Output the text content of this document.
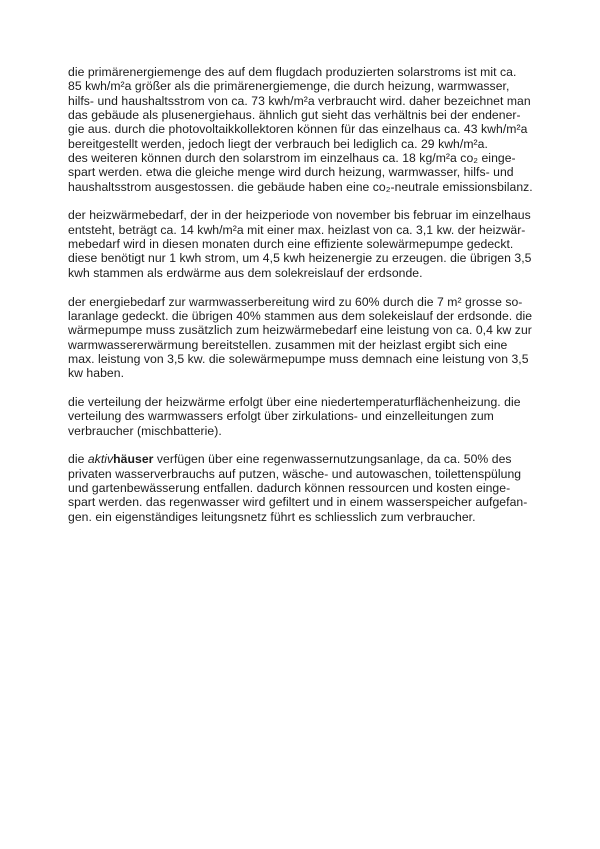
die primärenergiemenge des auf dem flugdach produzierten solarstroms ist mit ca.
85 kwh/m²a größer als die primärenergiemenge, die durch heizung, warmwasser,
hilfs- und haushaltsstrom von ca. 73 kwh/m²a verbraucht wird. daher bezeichnet man
das gebäude als plusenergiehaus. ähnlich gut sieht das verhältnis bei der endener-
gie aus. durch die photovoltaikkollektoren können für das einzelhaus ca. 43 kwh/m²a
bereitgestellt werden, jedoch liegt der verbrauch bei lediglich ca. 29 kwh/m²a.
des weiteren können durch den solarstrom im einzelhaus ca. 18 kg/m²a co₂ einge-
spart werden. etwa die gleiche menge wird durch heizung, warmwasser, hilfs- und
haushaltsstrom ausgestossen. die gebäude haben eine co₂-neutrale emissionsbilanz.

der heizwärmebedarf, der in der heizperiode von november bis februar im einzelhaus
entsteht, beträgt ca. 14 kwh/m²a mit einer max. heizlast von ca. 3,1 kw. der heizwär-
mebedarf wird in diesen monaten durch eine effiziente solewärmepumpe gedeckt.
diese benötigt nur 1 kwh strom, um 4,5 kwh heizenergie zu erzeugen. die übrigen 3,5
kwh stammen als erdwärme aus dem solekreislauf der erdsonde.

der energiebedarf zur warmwasserbereitung wird zu 60% durch die 7 m² grosse so-
laranlage gedeckt. die übrigen 40% stammen aus dem solekeislauf der erdsonde. die
wärmepumpe muss zusätzlich zum heizwärmebedarf eine leistung von ca. 0,4 kw zur
warmwassererwärmung bereitstellen. zusammen mit der heizlast ergibt sich eine
max. leistung von 3,5 kw. die solewärmepumpe muss demnach eine leistung von 3,5
kw haben.

die verteilung der heizwärme erfolgt über eine niedertemperaturflächenheizung. die
verteilung des warmwassers erfolgt über zirkulations- und einzelleitungen zum
verbraucher (mischbatterie).

die aktivhäuser verfügen über eine regenwassernutzungsanlage, da ca. 50% des
privaten wasserverbrauchs auf putzen, wäsche- und autowaschen, toilettenspülung
und gartenbewässerung entfallen. dadurch können ressourcen und kosten einge-
spart werden. das regenwasser wird gefiltert und in einem wasserspeicher aufgefan-
gen. ein eigenständiges leitungsnetz führt es schliesslich zum verbraucher.
